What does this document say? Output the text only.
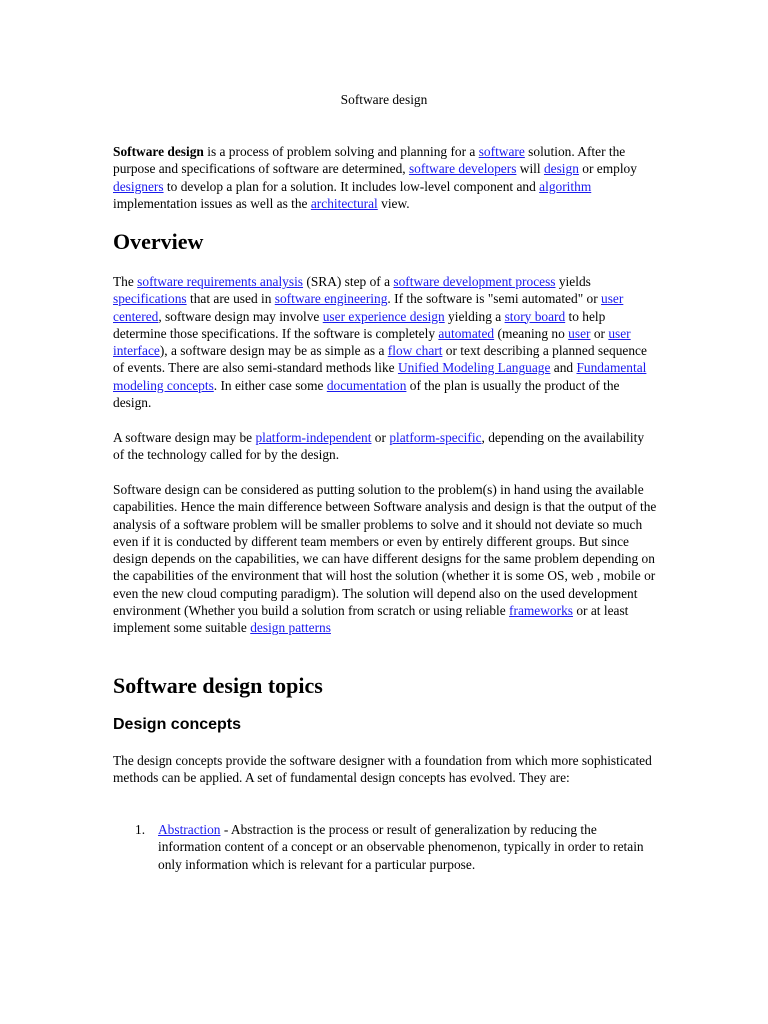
Software design

Software design is a process of problem solving and planning for a software solution. After the purpose and specifications of software are determined, software developers will design or employ designers to develop a plan for a solution. It includes low-level component and algorithm implementation issues as well as the architectural view.

Overview

The software requirements analysis (SRA) step of a software development process yields specifications that are used in software engineering. If the software is "semi automated" or user centered, software design may involve user experience design yielding a story board to help determine those specifications. If the software is completely automated (meaning no user or user interface), a software design may be as simple as a flow chart or text describing a planned sequence of events. There are also semi-standard methods like Unified Modeling Language and Fundamental modeling concepts. In either case some documentation of the plan is usually the product of the design.

A software design may be platform-independent or platform-specific, depending on the availability of the technology called for by the design.

Software design can be considered as putting solution to the problem(s) in hand using the available capabilities. Hence the main difference between Software analysis and design is that the output of the analysis of a software problem will be smaller problems to solve and it should not deviate so much even if it is conducted by different team members or even by entirely different groups. But since design depends on the capabilities, we can have different designs for the same problem depending on the capabilities of the environment that will host the solution (whether it is some OS, web , mobile or even the new cloud computing paradigm). The solution will depend also on the used development environment (Whether you build a solution from scratch or using reliable frameworks or at least implement some suitable design patterns

Software design topics
Design concepts

The design concepts provide the software designer with a foundation from which more sophisticated methods can be applied. A set of fundamental design concepts has evolved. They are:

1. Abstraction - Abstraction is the process or result of generalization by reducing the information content of a concept or an observable phenomenon, typically in order to retain only information which is relevant for a particular purpose.
